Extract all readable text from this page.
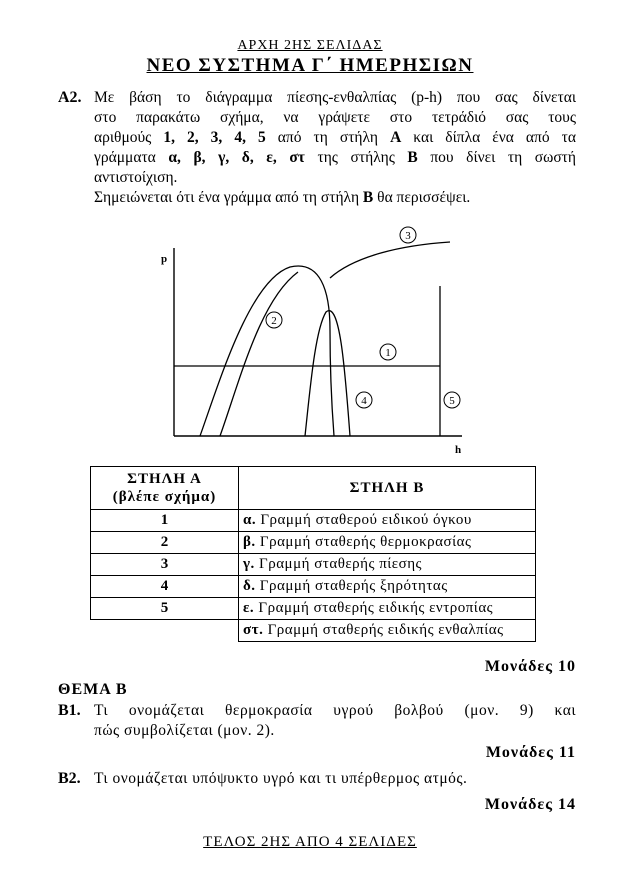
ΑΡΧΗ 2ΗΣ ΣΕΛΙΔΑΣ
ΝΕΟ ΣΥΣΤΗΜΑ Γ΄ ΗΜΕΡΗΣΙΩΝ
Α2. Με βάση το διάγραμμα πίεσης-ενθαλπίας (p-h) που σας δίνεται
στο παρακάτω σχήμα, να γράψετε στο τετράδιό σας τους
αριθμούς 1, 2, 3, 4, 5 από τη στήλη Α και δίπλα ένα από τα
γράμματα α, β, γ, δ, ε, στ της στήλης Β που δίνει τη σωστή
αντιστοίχιση.
Σημειώνεται ότι ένα γράμμα από τη στήλη Β θα περισσέψει.
p
h
1
2
3
4	5
ΣΤΗΛΗ Α
(βλέπε σχήμα)	ΣΤΗΛΗ Β
1	α. Γραμμή σταθερού ειδικού όγκου
2	β. Γραμμή σταθερής θερμοκρασίας
3	γ. Γραμμή σταθερής πίεσης
4	δ. Γραμμή σταθερής ξηρότητας
5	ε. Γραμμή σταθερής ειδικής εντροπίας
	στ. Γραμμή σταθερής ειδικής ενθαλπίας
Μονάδες 10
ΘΕΜΑ Β
Β1. Τι ονομάζεται θερμοκρασία υγρού βολβού (μον. 9) και
πώς συμβολίζεται (μον. 2).
Μονάδες 11
Β2. Τι ονομάζεται υπόψυκτο υγρό και τι υπέρθερμος ατμός.
Μονάδες 14
ΤΕΛΟΣ 2ΗΣ ΑΠΟ 4 ΣΕΛΙΔΕΣ
